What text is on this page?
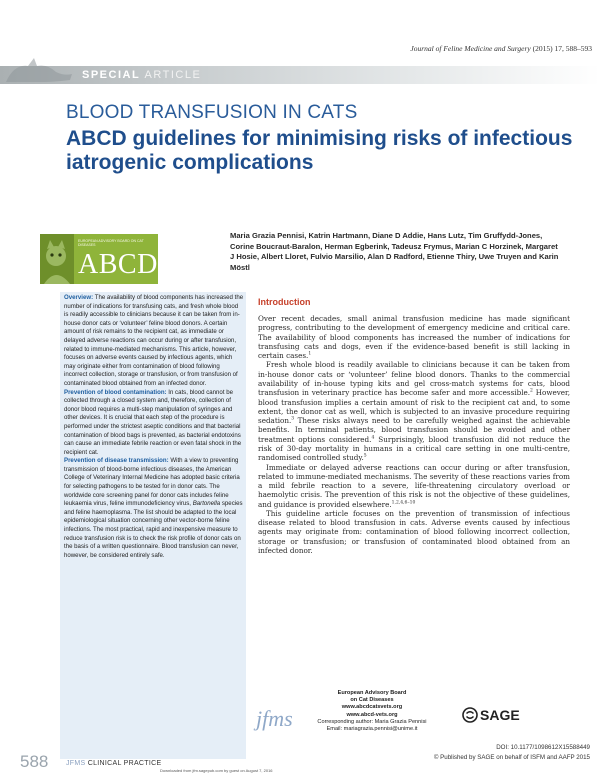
Journal of Feline Medicine and Surgery (2015) 17, 588–593
SPECIAL ARTICLE
BLOOD TRANSFUSION IN CATS
ABCD guidelines for minimising risks of infectious iatrogenic complications
EUROPEAN ADVISORY BOARD ON CAT DISEASES
ABCD
Maria Grazia Pennisi, Katrin Hartmann, Diane D Addie, Hans Lutz, Tim Gruffydd-Jones, Corine Boucraut-Baralon, Herman Egberink, Tadeusz Frymus, Marian C Horzinek, Margaret J Hosie, Albert Lloret, Fulvio Marsilio, Alan D Radford, Etienne Thiry, Uwe Truyen and Karin Möstl

Overview: The availability of blood components has increased the number of indications for transfusing cats, and fresh whole blood is readily accessible to clinicians because it can be taken from in-house donor cats or ‘volunteer’ feline blood donors. A certain amount of risk remains to the recipient cat, as immediate or delayed adverse reactions can occur during or after transfusion, related to immune-mediated mechanisms. This article, however, focuses on adverse events caused by infectious agents, which may originate either from contamination of blood following incorrect collection, storage or transfusion, or from transfusion of contaminated blood obtained from an infected donor.

Prevention of blood contamination: In cats, blood cannot be collected through a closed system and, therefore, collection of donor blood requires a multi-step manipulation of syringes and other devices. It is crucial that each step of the procedure is performed under the strictest aseptic conditions and that bacterial contamination of blood bags is prevented, as bacterial endotoxins can cause an immediate febrile reaction or even fatal shock in the recipient cat.

Prevention of disease transmission: With a view to preventing transmission of blood-borne infectious diseases, the American College of Veterinary Internal Medicine has adopted basic criteria for selecting pathogens to be tested for in donor cats. The worldwide core screening panel for donor cats includes feline leukaemia virus, feline immunodeficiency virus, Bartonella species and feline haemoplasma. The list should be adapted to the local epidemiological situation concerning other vector-borne feline infections. The most practical, rapid and inexpensive measure to reduce transfusion risk is to check the risk profile of donor cats on the basis of a written questionnaire. Blood transfusion can never, however, be considered entirely safe.

Introduction

Over recent decades, small animal transfusion medicine has made significant progress, contributing to the development of emergency medicine and critical care. The availability of blood components has increased the number of indications for transfusing cats and dogs, even if the evidence-based benefit is still lacking in certain cases.$^1$

Fresh whole blood is readily available to clinicians because it can be taken from in-house donor cats or ‘volunteer’ feline blood donors. Thanks to the commercial availability of in-house typing kits and gel cross-match systems for cats, blood transfusion in veterinary practice has become safer and more accessible.$^2$ However, blood transfusion implies a certain amount of risk to the recipient cat and, to some extent, the donor cat as well, which is subjected to an invasive procedure requiring sedation.$^3$ These risks always need to be carefully weighed against the achievable benefits. In terminal patients, blood transfusion should be avoided and other treatment options considered.$^4$ Surprisingly, blood transfusion did not reduce the risk of 30-day mortality in humans in a critical care setting in one multi-centre, randomised controlled study.$^5$

Immediate or delayed adverse reactions can occur during or after transfusion, related to immune-mediated mechanisms. The severity of these reactions varies from a mild febrile reaction to a severe, life-threatening circulatory overload or haemolytic crisis. The prevention of this risk is not the objective of these guidelines, and guidance is provided elsewhere.$^{1,2,4,6-10}$

This guideline article focuses on the prevention of transmission of infectious disease related to blood transfusion in cats. Adverse events caused by infectious agents may originate from: contamination of blood following incorrect collection, storage or transfusion; or transfusion of contaminated blood obtained from an infected donor.

jfms
European Advisory Board
on Cat Diseases
www.abcdcatsvets.org
www.abcd-vets.org
Corresponding author: Maria Grazia Pennisi
Email: mariagrazia.pennisi@unime.it
SAGE
588	JFMS CLINICAL PRACTICE
DOI: 10.1177/1098612X15588449
© Published by SAGE on behalf of ISFM and AAFP 2015
Downloaded from jfm.sagepub.com by guest on August 7, 2016
